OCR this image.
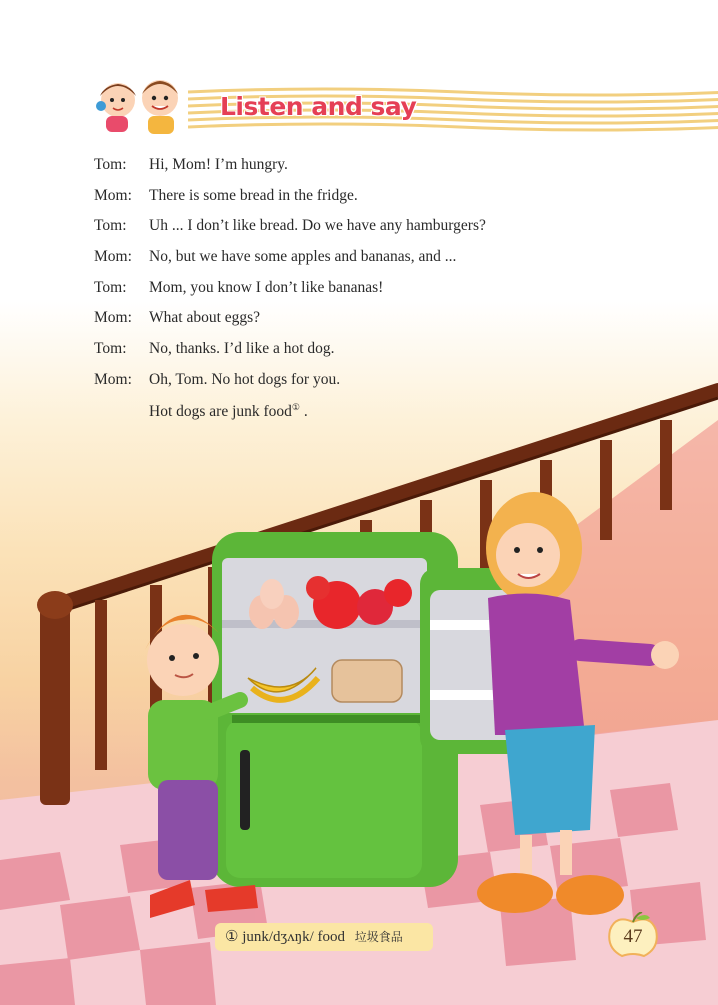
Listen and say
Tom: Hi, Mom! I’m hungry.
Mom: There is some bread in the fridge.
Tom: Uh ... I don’t like bread. Do we have any hamburgers?
Mom: No, but we have some apples and bananas, and ...
Tom: Mom, you know I don’t like bananas!
Mom: What about eggs?
Tom: No, thanks. I’d like a hot dog.
Mom: Oh, Tom. No hot dogs for you.
Hot dogs are junk food① .
① junk/dʒʌŋk/ food 垃圾食品	47
